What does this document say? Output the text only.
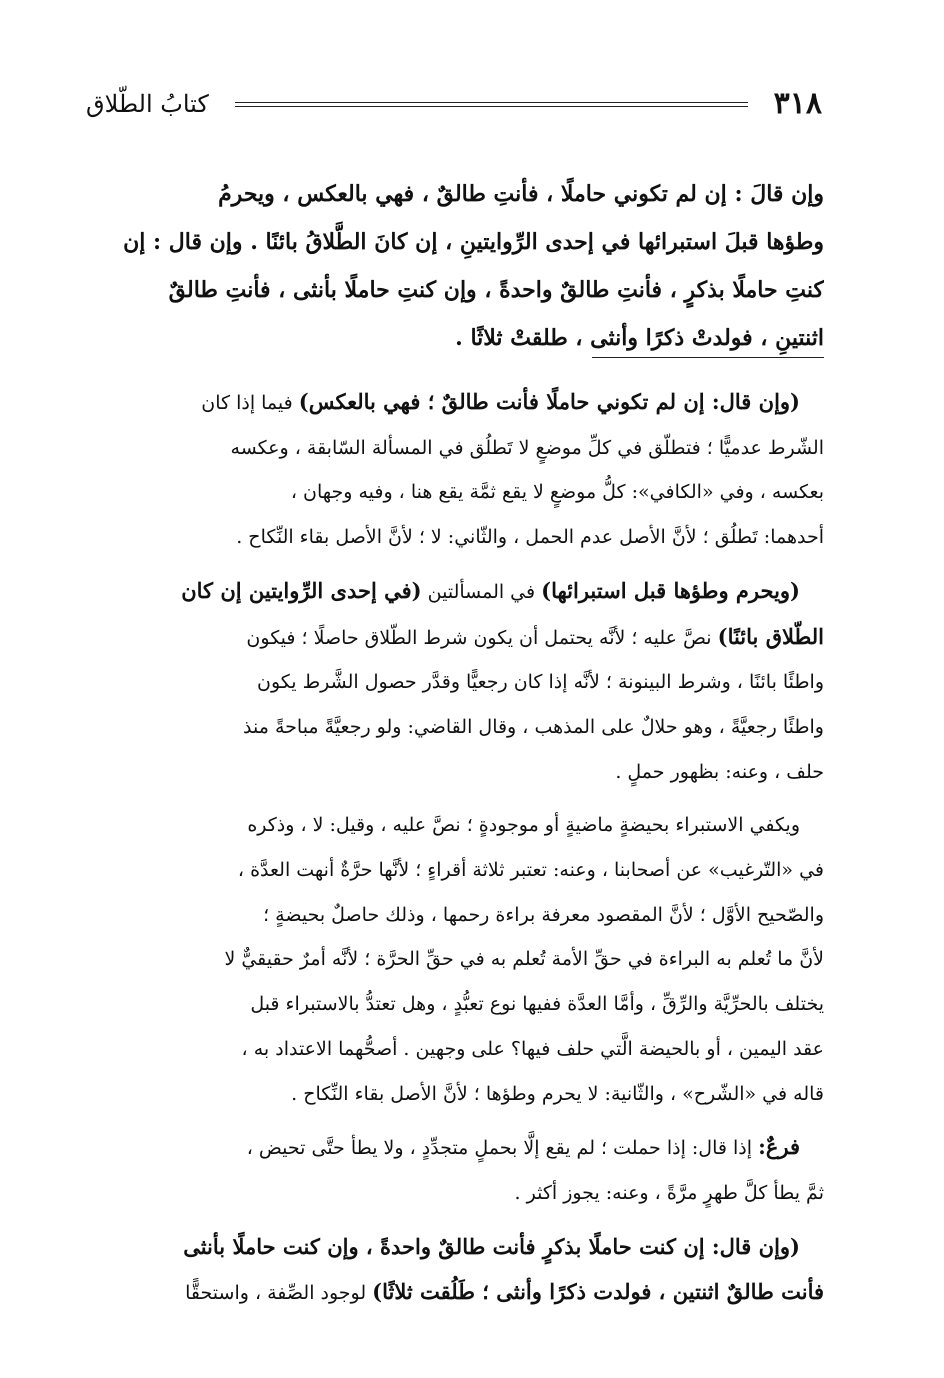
٣١٨
كتابُ الطّلاق
وإن قالَ : إن لم تكوني حاملًا ، فأنتِ طالقٌ ، فهي بالعكس ، ويحرمُ
وطؤها قبلَ استبرائها في إحدى الرِّوايتينِ ، إن كانَ الطَّلاقُ بائنًا . وإن قال : إن
كنتِ حاملًا بذكرٍ ، فأنتِ طالقٌ واحدةً ، وإن كنتِ حاملًا بأنثى ، فأنتِ طالقٌ
اثنتينِ ، فولدتْ ذكرًا وأنثى ، طلقتْ ثلاثًا .

(وإن قال: إن لم تكوني حاملًا فأنت طالقٌ ؛ فهي بالعكس) فيما إذا كان
الشّرط عدميًّا ؛ فتطلّق في كلِّ موضعٍ لا تَطلُق في المسألة السّابقة ، وعكسه
بعكسه ، وفي «الكافي»: كلُّ موضعٍ لا يقع ثمَّة يقع هنا ، وفيه وجهان ،
أحدهما: تَطلُق ؛ لأنَّ الأصل عدم الحمل ، والثّاني: لا ؛ لأنَّ الأصل بقاء النِّكاح .

(ويحرم وطؤها قبل استبرائها) في المسألتين (في إحدى الرِّوايتين إن كان
الطّلاق بائنًا) نصَّ عليه ؛ لأنَّه يحتمل أن يكون شرط الطّلاق حاصلًا ؛ فيكون
واطئًا بائنًا ، وشرط البينونة ؛ لأنَّه إذا كان رجعيًّا وقدَّر حصول الشَّرط يكون
واطئًا رجعيَّةً ، وهو حلالٌ على المذهب ، وقال القاضي: ولو رجعيَّةً مباحةً منذ
حلف ، وعنه: بظهور حملٍ .

ويكفي الاستبراء بحيضةٍ ماضيةٍ أو موجودةٍ ؛ نصَّ عليه ، وقيل: لا ، وذكره
في «التّرغيب» عن أصحابنا ، وعنه: تعتبر ثلاثة أقراءٍ ؛ لأنَّها حرَّةٌ أنهت العدَّة ،
والصّحيح الأوَّل ؛ لأنَّ المقصود معرفة براءة رحمها ، وذلك حاصلٌ بحيضةٍ ؛
لأنَّ ما تُعلم به البراءة في حقِّ الأمة تُعلم به في حقِّ الحرَّة ؛ لأنَّه أمرٌ حقيقيٌّ لا
يختلف بالحرِّيَّة والرِّقِّ ، وأمَّا العدَّة ففيها نوع تعبُّدٍ ، وهل تعتدُّ بالاستبراء قبل
عقد اليمين ، أو بالحيضة الَّتي حلف فيها؟ على وجهين . أصحُّهما الاعتداد به ،
قاله في «الشّرح» ، والثّانية: لا يحرم وطؤها ؛ لأنَّ الأصل بقاء النِّكاح .

فرعٌ: إذا قال: إذا حملت ؛ لم يقع إلَّا بحملٍ متجدِّدٍ ، ولا يطأ حتَّى تحيض ،
ثمَّ يطأ كلَّ طهرٍ مرَّةً ، وعنه: يجوز أكثر .

(وإن قال: إن كنت حاملًا بذكرٍ فأنت طالقٌ واحدةً ، وإن كنت حاملًا بأنثى
فأنت طالقٌ اثنتين ، فولدت ذكرًا وأنثى ؛ طَلُقت ثلاثًا) لوجود الصِّفة ، واستحقًّا
